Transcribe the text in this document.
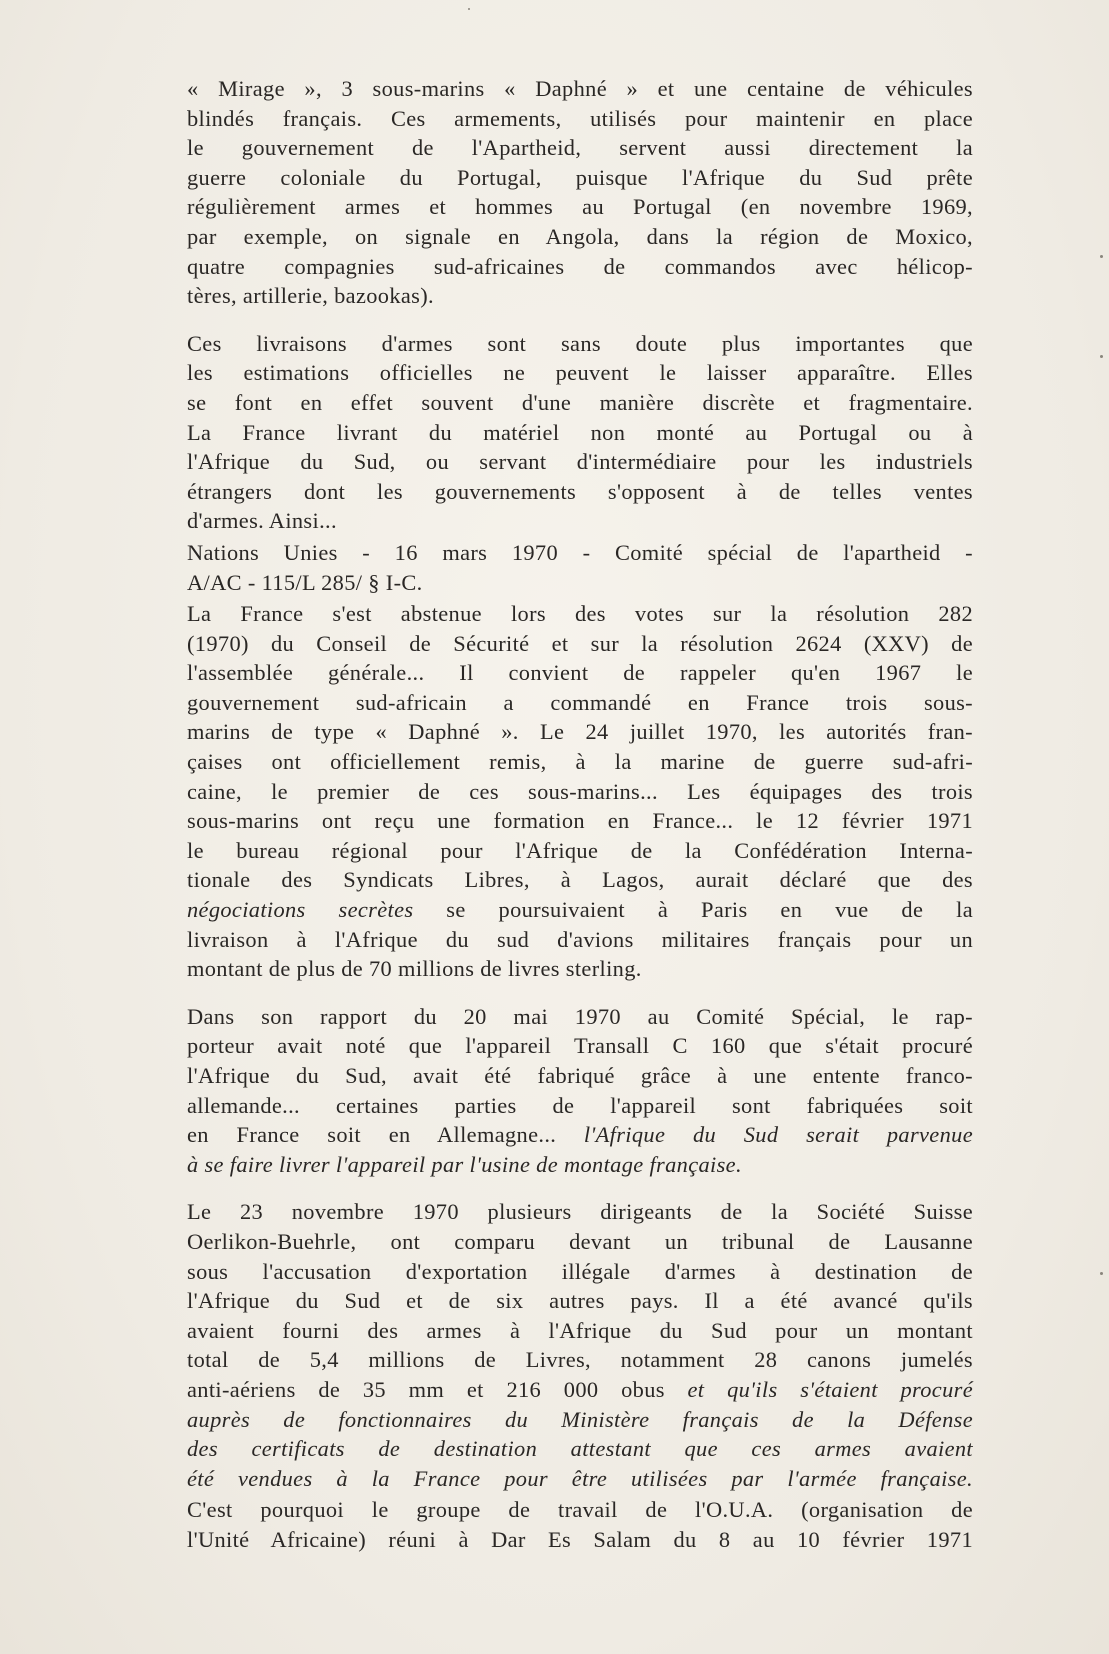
« Mirage », 3 sous-marins « Daphné » et une centaine de véhicules
blindés français. Ces armements, utilisés pour maintenir en place
le gouvernement de l'Apartheid, servent aussi directement la
guerre coloniale du Portugal, puisque l'Afrique du Sud prête
régulièrement armes et hommes au Portugal (en novembre 1969,
par exemple, on signale en Angola, dans la région de Moxico,
quatre compagnies sud-africaines de commandos avec hélicop-
tères, artillerie, bazookas).
Ces livraisons d'armes sont sans doute plus importantes que
les estimations officielles ne peuvent le laisser apparaître. Elles
se font en effet souvent d'une manière discrète et fragmentaire.
La France livrant du matériel non monté au Portugal ou à
l'Afrique du Sud, ou servant d'intermédiaire pour les industriels
étrangers dont les gouvernements s'opposent à de telles ventes
d'armes. Ainsi...
Nations Unies - 16 mars 1970 - Comité spécial de l'apartheid -
A/AC - 115/L 285/ § I-C.
La France s'est abstenue lors des votes sur la résolution 282
(1970) du Conseil de Sécurité et sur la résolution 2624 (XXV) de
l'assemblée générale... Il convient de rappeler qu'en 1967 le
gouvernement sud-africain a commandé en France trois sous-
marins de type « Daphné ». Le 24 juillet 1970, les autorités fran-
çaises ont officiellement remis, à la marine de guerre sud-afri-
caine, le premier de ces sous-marins... Les équipages des trois
sous-marins ont reçu une formation en France... le 12 février 1971
le bureau régional pour l'Afrique de la Confédération Interna-
tionale des Syndicats Libres, à Lagos, aurait déclaré que des
négociations secrètes se poursuivaient à Paris en vue de la
livraison à l'Afrique du sud d'avions militaires français pour un
montant de plus de 70 millions de livres sterling.
Dans son rapport du 20 mai 1970 au Comité Spécial, le rap-
porteur avait noté que l'appareil Transall C 160 que s'était procuré
l'Afrique du Sud, avait été fabriqué grâce à une entente franco-
allemande... certaines parties de l'appareil sont fabriquées soit
en France soit en Allemagne... l'Afrique du Sud serait parvenue
à se faire livrer l'appareil par l'usine de montage française.
Le 23 novembre 1970 plusieurs dirigeants de la Société Suisse
Oerlikon-Buehrle, ont comparu devant un tribunal de Lausanne
sous l'accusation d'exportation illégale d'armes à destination de
l'Afrique du Sud et de six autres pays. Il a été avancé qu'ils
avaient fourni des armes à l'Afrique du Sud pour un montant
total de 5,4 millions de Livres, notamment 28 canons jumelés
anti-aériens de 35 mm et 216 000 obus et qu'ils s'étaient procuré
auprès de fonctionnaires du Ministère français de la Défense
des certificats de destination attestant que ces armes avaient
été vendues à la France pour être utilisées par l'armée française.
C'est pourquoi le groupe de travail de l'O.U.A. (organisation de
l'Unité Africaine) réuni à Dar Es Salam du 8 au 10 février 1971
